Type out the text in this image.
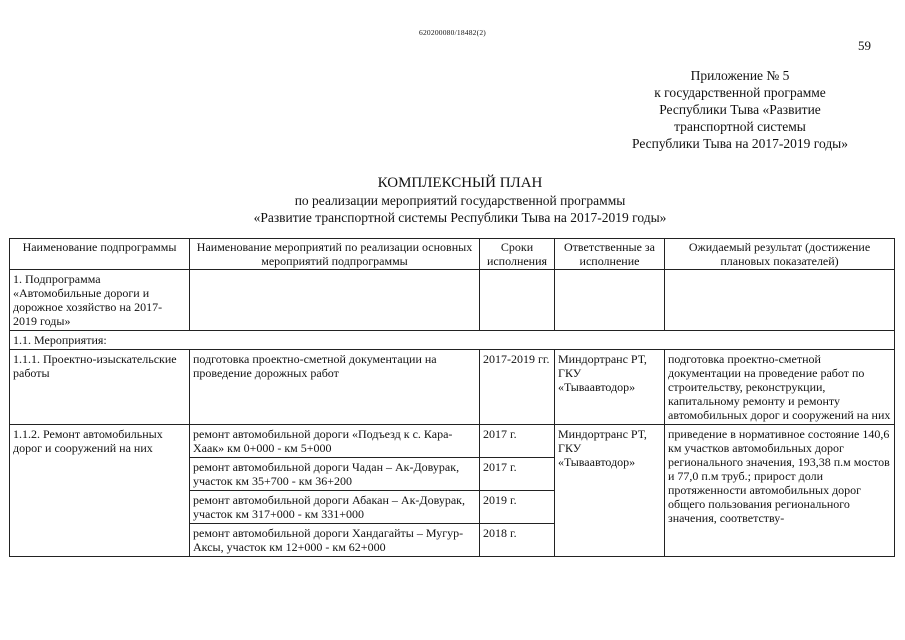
620200080/18482(2)
59
Приложение № 5
к государственной программе
Республики Тыва «Развитие
транспортной системы
Республики Тыва на 2017-2019 годы»
КОМПЛЕКСНЫЙ ПЛАН
по реализации мероприятий государственной программы
«Развитие транспортной системы Республики Тыва на 2017-2019 годы»
Наименование подпрограммы	Наименование мероприятий по реализации основных мероприятий подпрограммы	Сроки исполнения	Ответственные за исполнение	Ожидаемый результат (достижение плановых показателей)
1. Подпрограмма «Автомобильные дороги и дорожное хозяйство на 2017-2019 годы»				
1.1. Мероприятия:				
1.1.1. Проектно-изыскательские работы	подготовка проектно-сметной документации на проведение дорожных работ	2017-2019 гг.	Миндортранс РТ, ГКУ «Тываавтодор»	подготовка проектно-сметной документации на проведение работ по строительству, реконструкции, капитальному ремонту и ремонту автомобильных дорог и сооружений на них
1.1.2. Ремонт автомобильных дорог и сооружений на них	ремонт автомобильной дороги «Подъезд к с. Кара-Хаак» км 0+000 - км 5+000	2017 г.	Миндортранс РТ, ГКУ «Тываавтодор»	приведение в нормативное состояние 140,6 км участков автомобильных дорог регионального значения, 193,38 п.м мостов и 77,0 п.м труб.; прирост доли протяженности автомобильных дорог общего пользования регионального значения, соответству-
	ремонт автомобильной дороги Чадан – Ак-Довурак, участок км 35+700 - км 36+200	2017 г.		
	ремонт автомобильной дороги Абакан – Ак-Довурак, участок км 317+000 - км 331+000	2019 г.		
	ремонт автомобильной дороги Хандагайты – Мугур-Аксы, участок км 12+000 - км 62+000	2018 г.		
